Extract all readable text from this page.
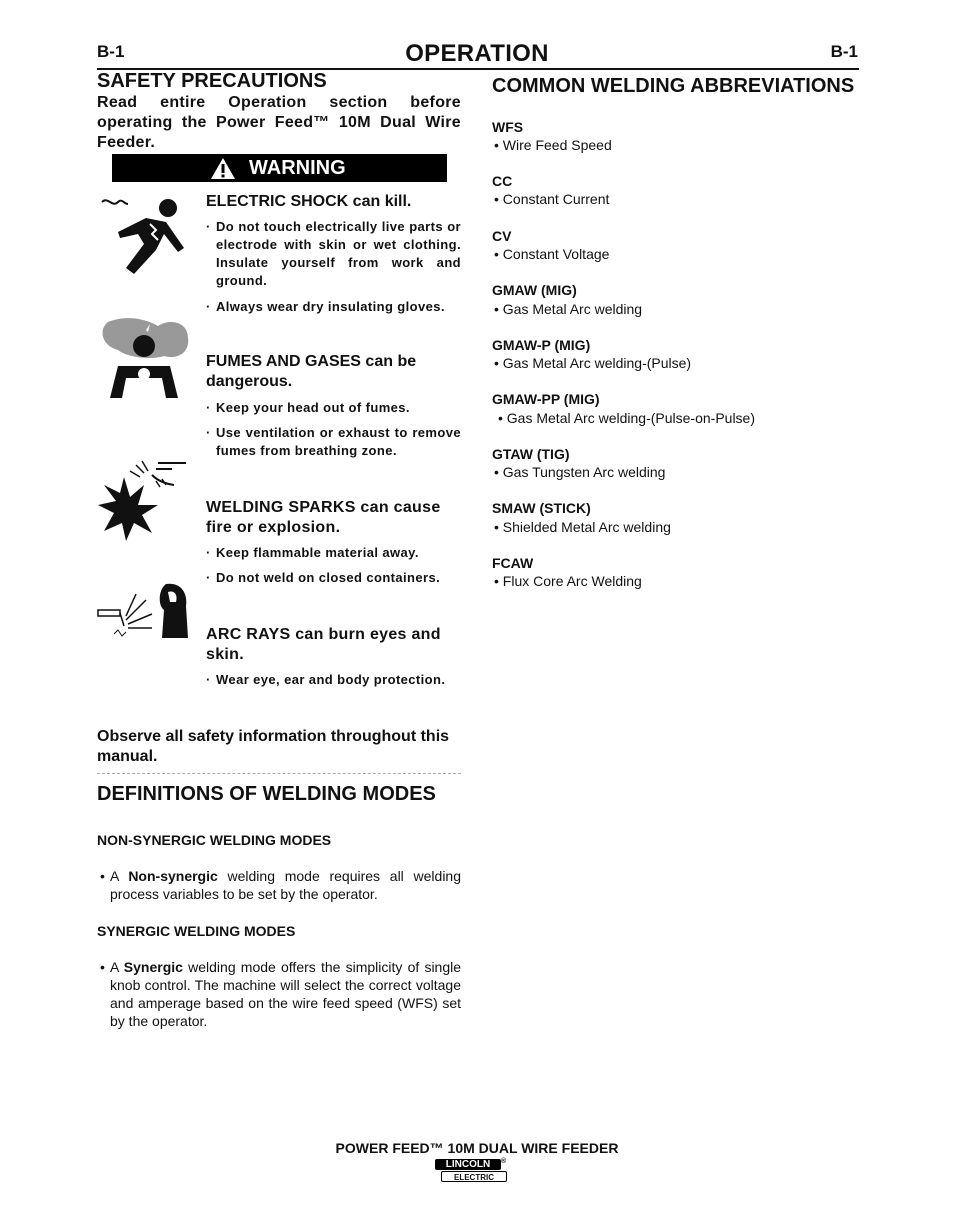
B-1	OPERATION	B-1
SAFETY PRECAUTIONS
Read entire Operation section before operating the Power Feed™ 10M Dual Wire Feeder.
WARNING
ELECTRIC SHOCK can kill.
· Do not touch electrically live parts or electrode with skin or wet clothing. Insulate yourself from work and ground.
· Always wear dry insulating gloves.
FUMES AND GASES can be dangerous.
· Keep your head out of fumes.
· Use ventilation or exhaust to remove fumes from breathing zone.
WELDING SPARKS can cause fire or explosion.
· Keep flammable material away.
· Do not weld on closed containers.
ARC RAYS can burn eyes and skin.
· Wear eye, ear and body protection.
Observe all safety information throughout this manual.
DEFINITIONS OF WELDING MODES
NON-SYNERGIC WELDING MODES
• A Non-synergic welding mode requires all welding process variables to be set by the operator.
SYNERGIC WELDING MODES
• A Synergic welding mode offers the simplicity of single knob control. The machine will select the correct voltage and amperage based on the wire feed speed (WFS) set by the operator.
COMMON WELDING ABBREVIATIONS
WFS
• Wire Feed Speed
CC
• Constant Current
CV
• Constant Voltage
GMAW (MIG)
• Gas Metal Arc welding
GMAW-P (MIG)
• Gas Metal Arc welding-(Pulse)
GMAW-PP (MIG)
• Gas Metal Arc welding-(Pulse-on-Pulse)
GTAW (TIG)
• Gas Tungsten Arc welding
SMAW (STICK)
• Shielded Metal Arc welding
FCAW
• Flux Core Arc Welding
POWER FEED™ 10M DUAL WIRE FEEDER
LINCOLN	®
ELECTRIC
